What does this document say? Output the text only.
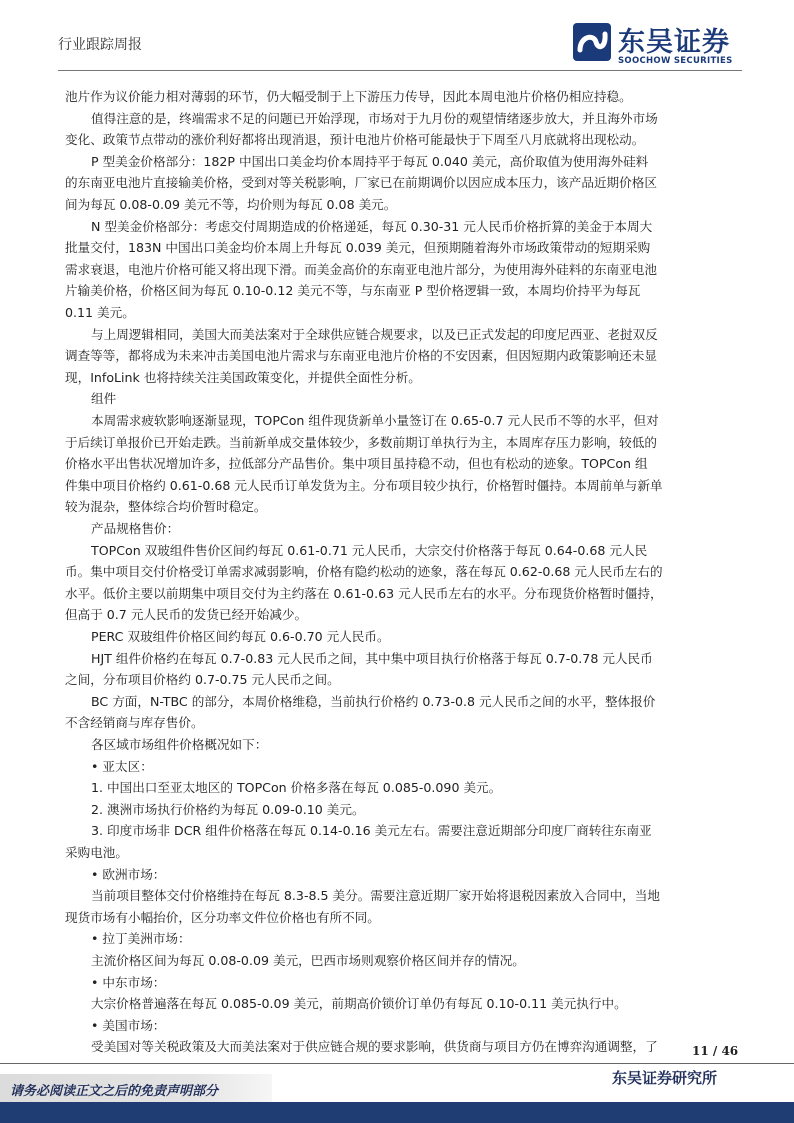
行业跟踪周报	东吴证券
SOOCHOW SECURITIES
池片作为议价能力相对薄弱的环节，仍大幅受制于上下游压力传导，因此本周电池片价格仍相应持稳。
值得注意的是，终端需求不足的问题已开始浮现，市场对于九月份的观望情绪逐步放大，并且海外市场
变化、政策节点带动的涨价利好都将出现消退，预计电池片价格可能最快于下周至八月底就将出现松动。
P 型美金价格部分：182P 中国出口美金均价本周持平于每瓦 0.040 美元，高价取值为使用海外硅料
的东南亚电池片直接输美价格，受到对等关税影响，厂家已在前期调价以因应成本压力，该产品近期价格区
间为每瓦 0.08-0.09 美元不等，均价则为每瓦 0.08 美元。
N 型美金价格部分：考虑交付周期造成的价格递延，每瓦 0.30-31 元人民币价格折算的美金于本周大
批量交付，183N 中国出口美金均价本周上升每瓦 0.039 美元，但预期随着海外市场政策带动的短期采购
需求衰退，电池片价格可能又将出现下滑。而美金高价的东南亚电池片部分，为使用海外硅料的东南亚电池
片输美价格，价格区间为每瓦 0.10-0.12 美元不等，与东南亚 P 型价格逻辑一致，本周均价持平为每瓦
0.11 美元。
与上周逻辑相同，美国大而美法案对于全球供应链合规要求，以及已正式发起的印度尼西亚、老挝双反
调查等等，都将成为未来冲击美国电池片需求与东南亚电池片价格的不安因素，但因短期内政策影响还未显
现，InfoLink 也将持续关注美国政策变化，并提供全面性分析。
组件
本周需求疲软影响逐渐显现，TOPCon 组件现货新单小量签订在 0.65-0.7 元人民币不等的水平，但对
于后续订单报价已开始走跌。当前新单成交量体较少，多数前期订单执行为主，本周库存压力影响，较低的
价格水平出售状况增加许多，拉低部分产品售价。集中项目虽持稳不动，但也有松动的迹象。TOPCon 组
件集中项目价格约 0.61-0.68 元人民币订单发货为主。分布项目较少执行，价格暂时僵持。本周前单与新单
较为混杂，整体综合均价暂时稳定。
产品规格售价：
TOPCon 双玻组件售价区间约每瓦 0.61-0.71 元人民币，大宗交付价格落于每瓦 0.64-0.68 元人民
币。集中项目交付价格受订单需求减弱影响，价格有隐约松动的迹象，落在每瓦 0.62-0.68 元人民币左右的
水平。低价主要以前期集中项目交付为主约落在 0.61-0.63 元人民币左右的水平。分布现货价格暂时僵持，
但高于 0.7 元人民币的发货已经开始减少。
PERC 双玻组件价格区间约每瓦 0.6-0.70 元人民币。
HJT 组件价格约在每瓦 0.7-0.83 元人民币之间，其中集中项目执行价格落于每瓦 0.7-0.78 元人民币
之间，分布项目价格约 0.7-0.75 元人民币之间。
BC 方面，N-TBC 的部分，本周价格维稳，当前执行价格约 0.73-0.8 元人民币之间的水平，整体报价
不含经销商与库存售价。
各区域市场组件价格概况如下：
• 亚太区：
1. 中国出口至亚太地区的 TOPCon 价格多落在每瓦 0.085-0.090 美元。
2. 澳洲市场执行价格约为每瓦 0.09-0.10 美元。
3. 印度市场非 DCR 组件价格落在每瓦 0.14-0.16 美元左右。需要注意近期部分印度厂商转往东南亚
采购电池。
• 欧洲市场：
当前项目整体交付价格维持在每瓦 8.3-8.5 美分。需要注意近期厂家开始将退税因素放入合同中，当地
现货市场有小幅抬价，区分功率文件位价格也有所不同。
• 拉丁美洲市场：
主流价格区间为每瓦 0.08-0.09 美元，巴西市场则观察价格区间并存的情况。
• 中东市场：
大宗价格普遍落在每瓦 0.085-0.09 美元，前期高价锁价订单仍有每瓦 0.10-0.11 美元执行中。
• 美国市场：
受美国对等关税政策及大而美法案对于供应链合规的要求影响，供货商与项目方仍在博弈沟通调整，了	11 / 46
请务必阅读正文之后的免责声明部分
东吴证券研究所
